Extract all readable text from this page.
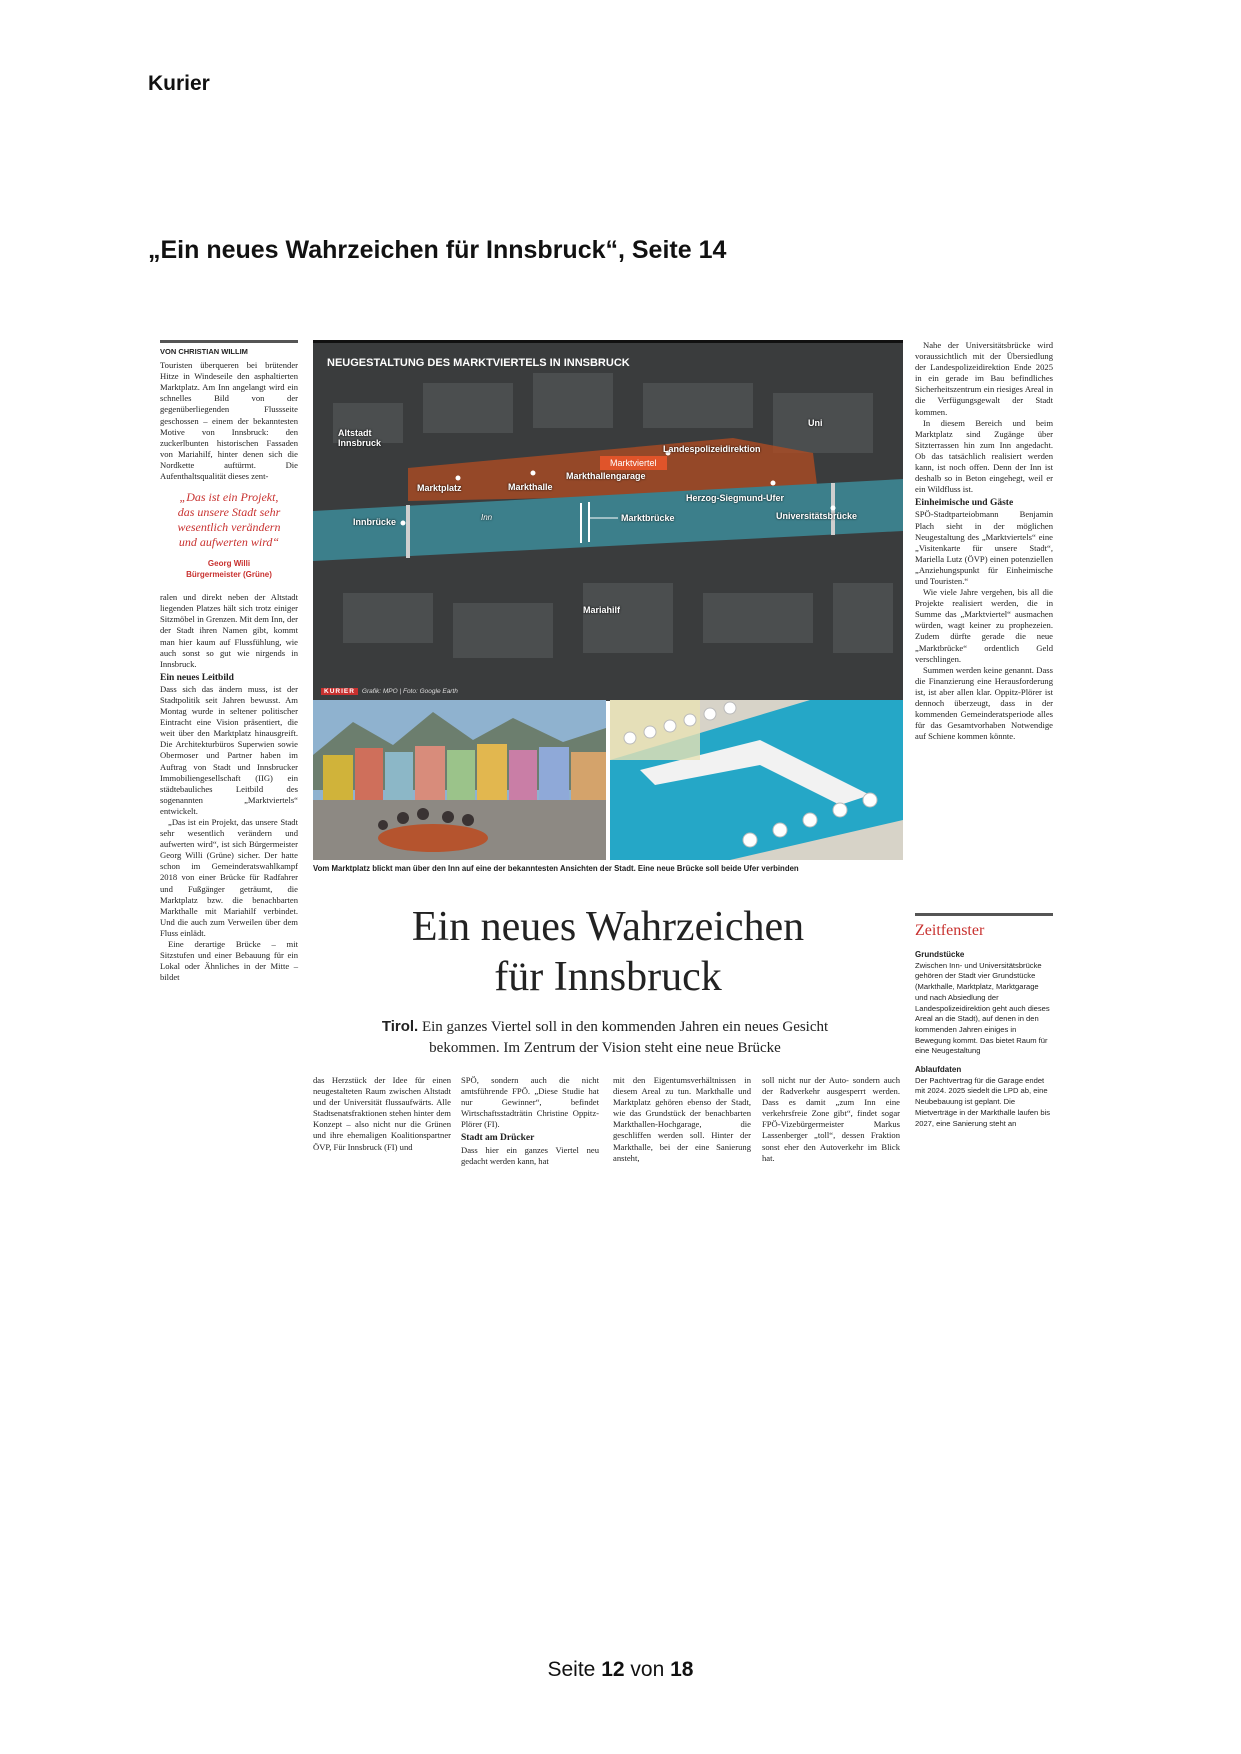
Kurier
„Ein neues Wahrzeichen für Innsbruck“, Seite 14
VON CHRISTIAN WILLIM

Touristen überqueren bei brütender Hitze in Windeseile den asphaltierten Marktplatz. Am Inn angelangt wird ein schnelles Bild von der gegenüberliegenden Flussseite geschossen – einem der bekanntesten Motive von Innsbruck: den zuckerlbunten historischen Fassaden von Mariahilf, hinter denen sich die Nordkette auftürmt. Die Aufenthaltsqualität dieses zent-

„Das ist ein Projekt, das unsere Stadt sehr wesentlich verändern und aufwerten wird“
Georg Willi
Bürgermeister (Grüne)

ralen und direkt neben der Altstadt liegenden Platzes hält sich trotz einiger Sitzmöbel in Grenzen. Mit dem Inn, der der Stadt ihren Namen gibt, kommt man hier kaum auf Flussfühlung, wie auch sonst so gut wie nirgends in Innsbruck.

Ein neues Leitbild

Dass sich das ändern muss, ist der Stadtpolitik seit Jahren bewusst. Am Montag wurde in seltener politischer Eintracht eine Vision präsentiert, die weit über den Marktplatz hinausgreift. Die Architekturbüros Superwien sowie Obermoser und Partner haben im Auftrag von Stadt und Innsbrucker Immobiliengesellschaft (IIG) ein städtebauliches Leitbild des sogenannten „Marktviertels“ entwickelt.

„Das ist ein Projekt, das unsere Stadt sehr wesentlich verändern und aufwerten wird“, ist sich Bürgermeister Georg Willi (Grüne) sicher. Der hatte schon im Gemeinderatswahlkampf 2018 von einer Brücke für Radfahrer und Fußgänger geträumt, die Marktplatz bzw. die benachbarten Markthalle mit Mariahilf verbindet. Und die auch zum Verweilen über dem Fluss einlädt.

Eine derartige Brücke – mit Sitzstufen und einer Bebauung für ein Lokal oder Ähnliches in der Mitte – bildet

NEUGESTALTUNG DES MARKTVIERTELS IN INNSBRUCK
Altstadt Innsbruck
Marktviertel
Landespolizeidirektion
Uni
Markthallengarage
Marktplatz	Markthalle
Herzog-Siegmund-Ufer
Innbrücke	Inn	Marktbrücke	Universitätsbrücke
Mariahilf
KURIER Grafik: MPO | Foto: Google Earth
Vom Marktplatz blickt man über den Inn auf eine der bekanntesten Ansichten der Stadt. Eine neue Brücke soll beide Ufer verbinden

Nahe der Universitätsbrücke wird voraussichtlich mit der Übersiedlung der Landespolizeidirektion Ende 2025 in ein gerade im Bau befindliches Sicherheitszentrum ein riesiges Areal in die Verfügungsgewalt der Stadt kommen.

In diesem Bereich und beim Marktplatz sind Zugänge über Sitzterrassen hin zum Inn angedacht. Ob das tatsächlich realisiert werden kann, ist noch offen. Denn der Inn ist deshalb so in Beton eingehegt, weil er ein Wildfluss ist.

Einheimische und Gäste

SPÖ-Stadtparteiobmann Benjamin Plach sieht in der möglichen Neugestaltung des „Marktviertels“ eine „Visitenkarte für unsere Stadt“, Mariella Lutz (ÖVP) einen potenziellen „Anziehungspunkt für Einheimische und Touristen.“

Wie viele Jahre vergehen, bis all die Projekte realisiert werden, die in Summe das „Marktviertel“ ausmachen würden, wagt keiner zu prophezeien. Zudem dürfte gerade die neue „Marktbrücke“ ordentlich Geld verschlingen.

Summen werden keine genannt. Dass die Finanzierung eine Herausforderung ist, ist aber allen klar. Oppitz-Plörer ist dennoch überzeugt, dass in der kommenden Gemeinderatsperiode alles für das Gesamtvorhaben Notwendige auf Schiene kommen könnte.

Ein neues Wahrzeichen
für Innsbruck
Tirol. Ein ganzes Viertel soll in den kommenden Jahren ein neues Gesicht bekommen. Im Zentrum der Vision steht eine neue Brücke

das Herzstück der Idee für einen neugestalteten Raum zwischen Altstadt und der Universität flussaufwärts. Alle Stadtsenatsfraktionen stehen hinter dem Konzept – also nicht nur die Grünen und ihre ehemaligen Koalitionspartner ÖVP, Für Innsbruck (FI) und

SPÖ, sondern auch die nicht amtsführende FPÖ. „Diese Studie hat nur Gewinner“, befindet Wirtschaftsstadträtin Christine Oppitz-Plörer (FI).

Stadt am Drücker

Dass hier ein ganzes Viertel neu gedacht werden kann, hat

mit den Eigentumsverhältnissen in diesem Areal zu tun. Markthalle und Marktplatz gehören ebenso der Stadt, wie das Grundstück der benachbarten Markthallen-Hochgarage, die geschliffen werden soll. Hinter der Markthalle, bei der eine Sanierung ansteht,

soll nicht nur der Auto- sondern auch der Radverkehr ausgesperrt werden. Dass es damit „zum Inn eine verkehrsfreie Zone gibt“, findet sogar FPÖ-Vizebürgermeister Markus Lassenberger „toll“, dessen Fraktion sonst eher den Autoverkehr im Blick hat.

Zeitfenster
Grundstücke
Zwischen Inn- und Universitätsbrücke gehören der Stadt vier Grundstücke (Markthalle, Marktplatz, Marktgarage und nach Absiedlung der Landespolizeidirektion geht auch dieses Areal an die Stadt), auf denen in den kommenden Jahren einiges in Bewegung kommt. Das bietet Raum für eine Neugestaltung
Ablaufdaten
Der Pachtvertrag für die Garage endet mit 2024. 2025 siedelt die LPD ab, eine Neubebauung ist geplant. Die Mietverträge in der Markthalle laufen bis 2027, eine Sanierung steht an
Seite 12 von 18
